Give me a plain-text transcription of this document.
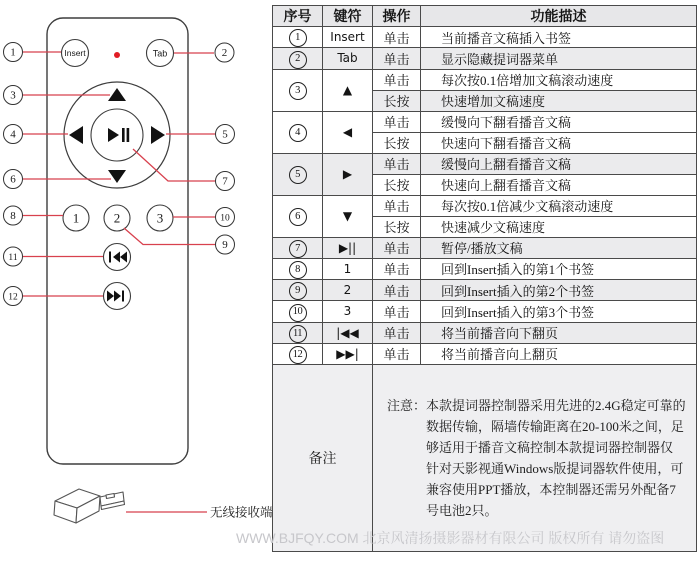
Insert	Tab
1	2	3
1	2
3
4	5
6	7
8
9
10
11
12
无线接收端
序号	键符	操作	功能描述
1	Insert	单击	当前播音文稿插入书签
2	Tab	单击	显示隐藏提词器菜单
3	▲	单击	每次按0.1倍增加文稿滚动速度
		长按	快速增加文稿速度
4	◀	单击	缓慢向下翻看播音文稿
		长按	快速向下翻看播音文稿
5	▶	单击	缓慢向上翻看播音文稿
		长按	快速向上翻看播音文稿
6	▼	单击	每次按0.1倍减少文稿滚动速度
		长按	快速减少文稿速度
7	▶||	单击	暂停/播放文稿
8	1	单击	回到Insert插入的第1个书签
9	2	单击	回到Insert插入的第2个书签
10	3	单击	回到Insert插入的第3个书签
11	|◀◀	单击	将当前播音向下翻页
12	▶▶|	单击	将当前播音向上翻页
备注		注意： 本款提词器控制器采用先进的2.4G稳定可靠的数据传输，隔墙传输距离在20-100米之间，足够适用于播音文稿控制本款提词器控制器仅针对天影视通Windows版提词器软件使用，可兼容使用PPT播放，本控制器还需另外配备7号电池2只。	
WWW.BJFQY.COM 北京风清扬摄影器材有限公司 版权所有 请勿盗图
